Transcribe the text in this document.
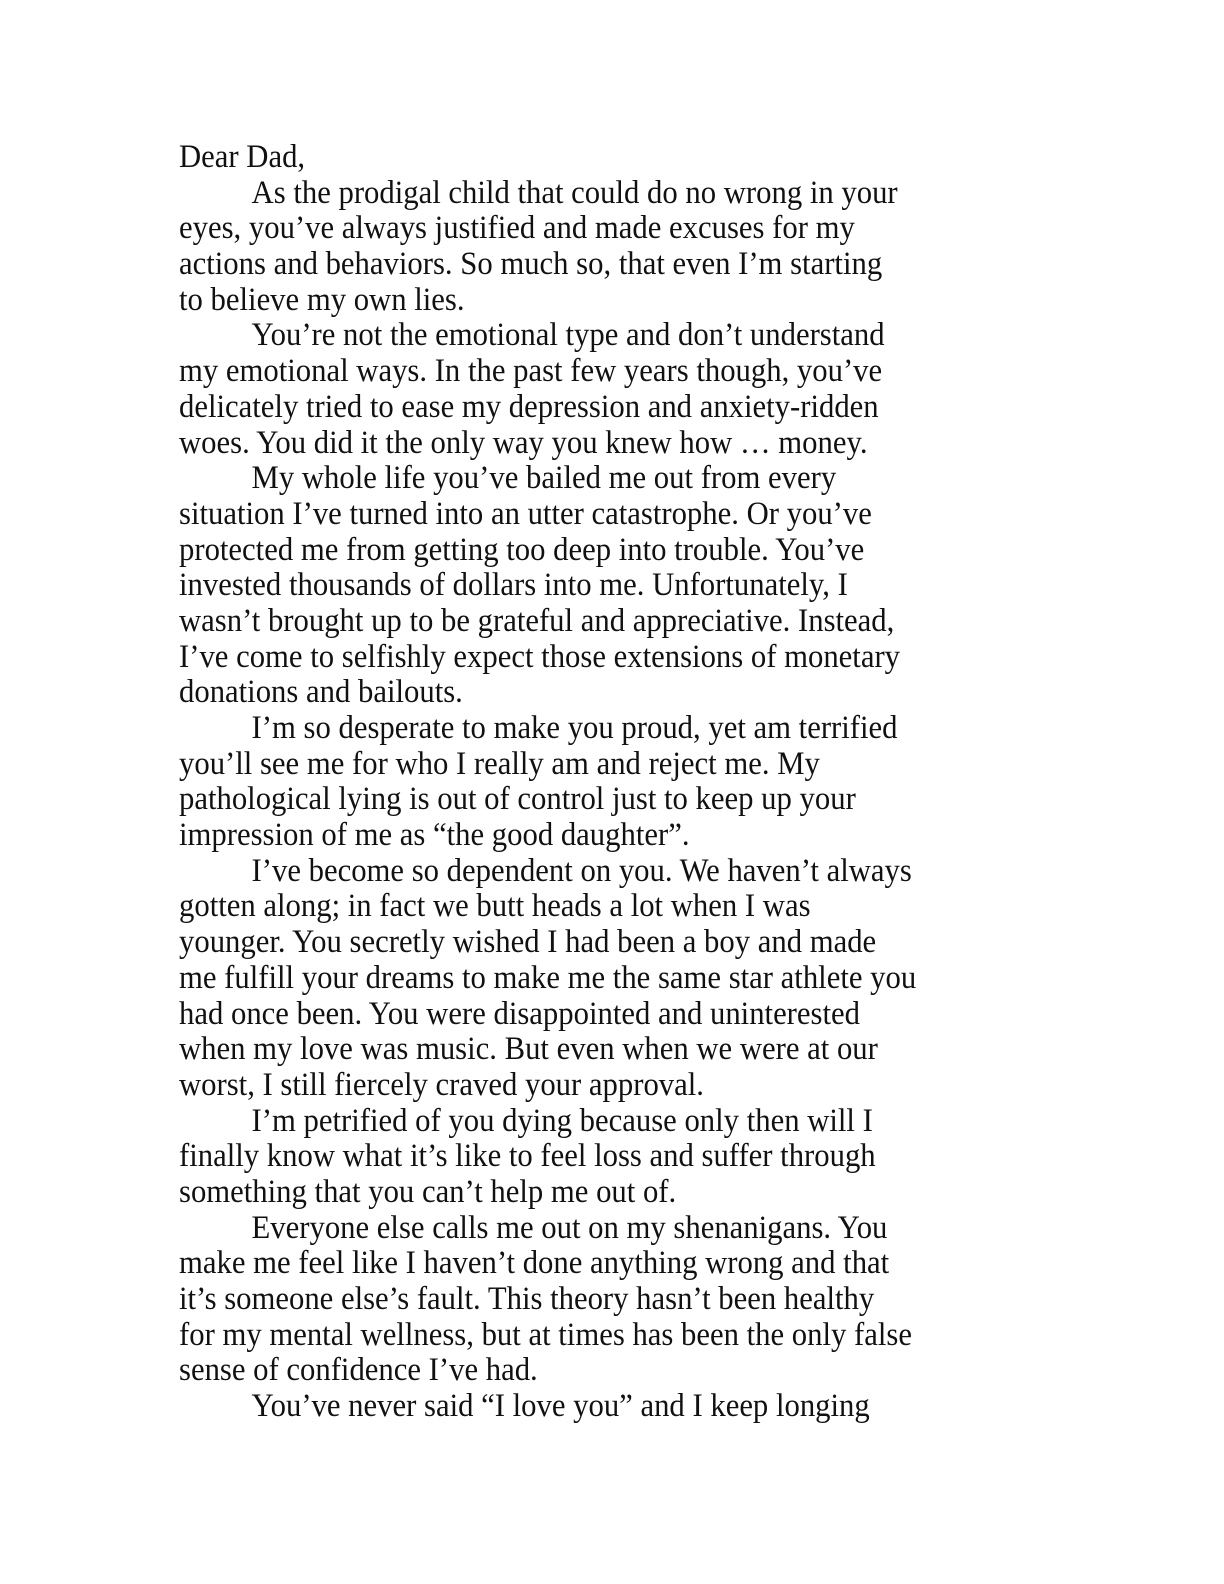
Dear Dad,
As the prodigal child that could do no wrong in your
eyes, you’ve always justified and made excuses for my
actions and behaviors. So much so, that even I’m starting
to believe my own lies.
You’re not the emotional type and don’t understand
my emotional ways. In the past few years though, you’ve
delicately tried to ease my depression and anxiety-ridden
woes. You did it the only way you knew how … money.
My whole life you’ve bailed me out from every
situation I’ve turned into an utter catastrophe. Or you’ve
protected me from getting too deep into trouble. You’ve
invested thousands of dollars into me. Unfortunately, I
wasn’t brought up to be grateful and appreciative. Instead,
I’ve come to selfishly expect those extensions of monetary
donations and bailouts.
I’m so desperate to make you proud, yet am terrified
you’ll see me for who I really am and reject me. My
pathological lying is out of control just to keep up your
impression of me as “the good daughter”.
I’ve become so dependent on you. We haven’t always
gotten along; in fact we butt heads a lot when I was
younger. You secretly wished I had been a boy and made
me fulfill your dreams to make me the same star athlete you
had once been. You were disappointed and uninterested
when my love was music. But even when we were at our
worst, I still fiercely craved your approval.
I’m petrified of you dying because only then will I
finally know what it’s like to feel loss and suffer through
something that you can’t help me out of.
Everyone else calls me out on my shenanigans. You
make me feel like I haven’t done anything wrong and that
it’s someone else’s fault. This theory hasn’t been healthy
for my mental wellness, but at times has been the only false
sense of confidence I’ve had.
You’ve never said “I love you” and I keep longing
